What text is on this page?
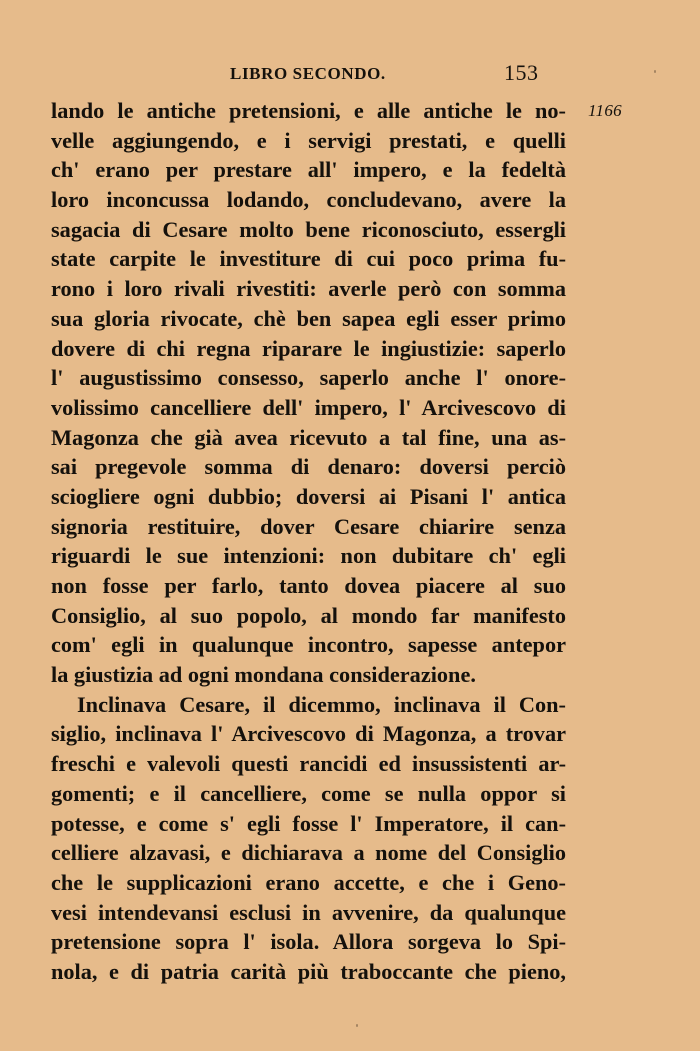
LIBRO SECONDO.	153
1166
lando le antiche pretensioni, e alle antiche le no-
velle aggiungendo, e i servigi prestati, e quelli
ch' erano per prestare all' impero, e la fedeltà
loro inconcussa lodando, concludevano, avere la
sagacia di Cesare molto bene riconosciuto, essergli
state carpite le investiture di cui poco prima fu-
rono i loro rivali rivestiti: averle però con somma
sua gloria rivocate, chè ben sapea egli esser primo
dovere di chi regna riparare le ingiustizie: saperlo
l' augustissimo consesso, saperlo anche l' onore-
volissimo cancelliere dell' impero, l' Arcivescovo di
Magonza che già avea ricevuto a tal fine, una as-
sai pregevole somma di denaro: doversi perciò
sciogliere ogni dubbio; doversi ai Pisani l' antica
signoria restituire, dover Cesare chiarire senza
riguardi le sue intenzioni: non dubitare ch' egli
non fosse per farlo, tanto dovea piacere al suo
Consiglio, al suo popolo, al mondo far manifesto
com' egli in qualunque incontro, sapesse antepor
la giustizia ad ogni mondana considerazione.
Inclinava Cesare, il dicemmo, inclinava il Con-
siglio, inclinava l' Arcivescovo di Magonza, a trovar
freschi e valevoli questi rancidi ed insussistenti ar-
gomenti; e il cancelliere, come se nulla oppor si
potesse, e come s' egli fosse l' Imperatore, il can-
celliere alzavasi, e dichiarava a nome del Consiglio
che le supplicazioni erano accette, e che i Geno-
vesi intendevansi esclusi in avvenire, da qualunque
pretensione sopra l' isola. Allora sorgeva lo Spi-
nola, e di patria carità più traboccante che pieno,
